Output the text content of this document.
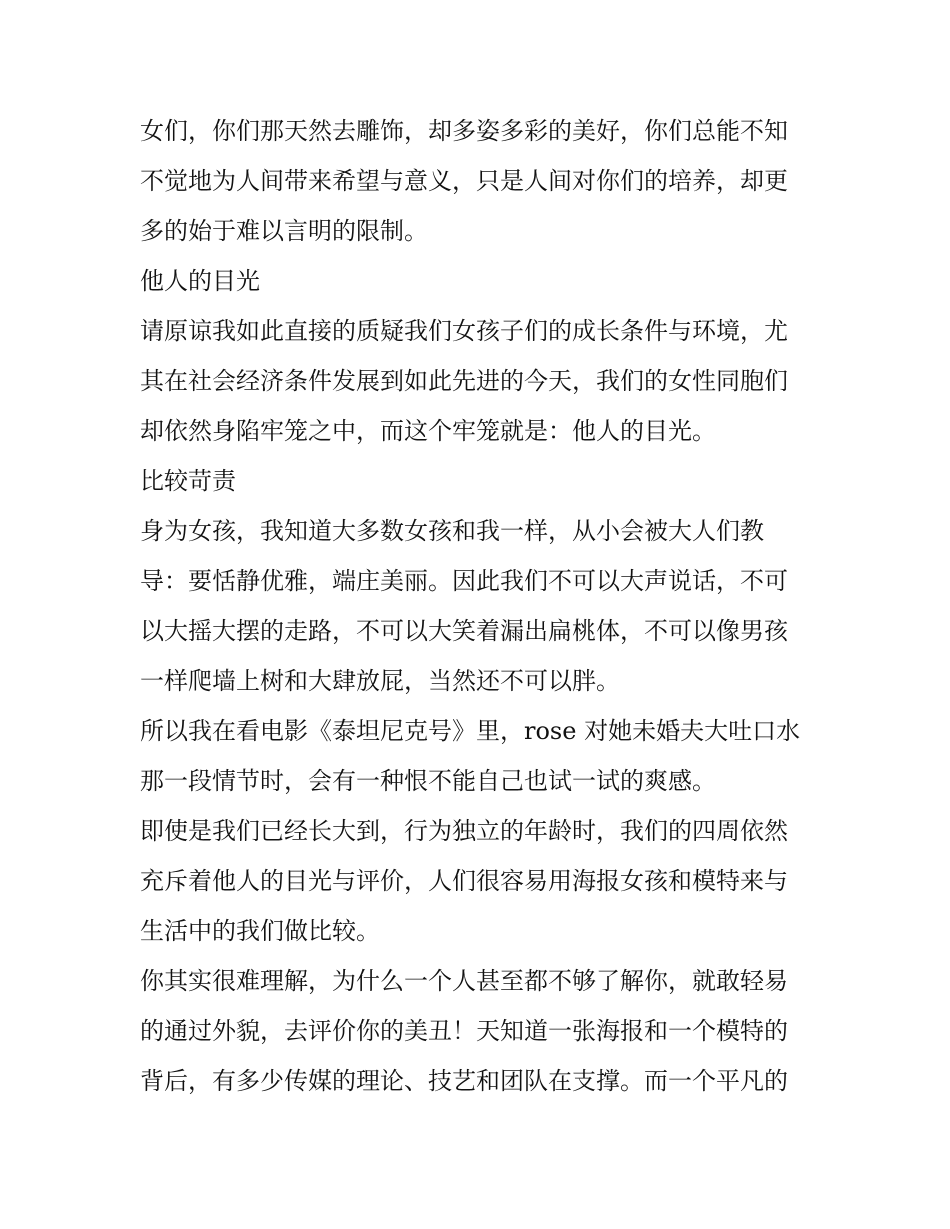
女们，你们那天然去雕饰，却多姿多彩的美好，你们总能不知
不觉地为人间带来希望与意义，只是人间对你们的培养，却更
多的始于难以言明的限制。
他人的目光
请原谅我如此直接的质疑我们女孩子们的成长条件与环境，尤
其在社会经济条件发展到如此先进的今天，我们的女性同胞们
却依然身陷牢笼之中，而这个牢笼就是：他人的目光。
比较苛责
身为女孩，我知道大多数女孩和我一样，从小会被大人们教
导：要恬静优雅，端庄美丽。因此我们不可以大声说话，不可
以大摇大摆的走路，不可以大笑着漏出扁桃体，不可以像男孩
一样爬墙上树和大肆放屁，当然还不可以胖。
所以我在看电影《泰坦尼克号》里，rose 对她未婚夫大吐口水
那一段情节时，会有一种恨不能自己也试一试的爽感。
即使是我们已经长大到，行为独立的年龄时，我们的四周依然
充斥着他人的目光与评价，人们很容易用海报女孩和模特来与
生活中的我们做比较。
你其实很难理解，为什么一个人甚至都不够了解你，就敢轻易
的通过外貌，去评价你的美丑！天知道一张海报和一个模特的
背后，有多少传媒的理论、技艺和团队在支撑。而一个平凡的
